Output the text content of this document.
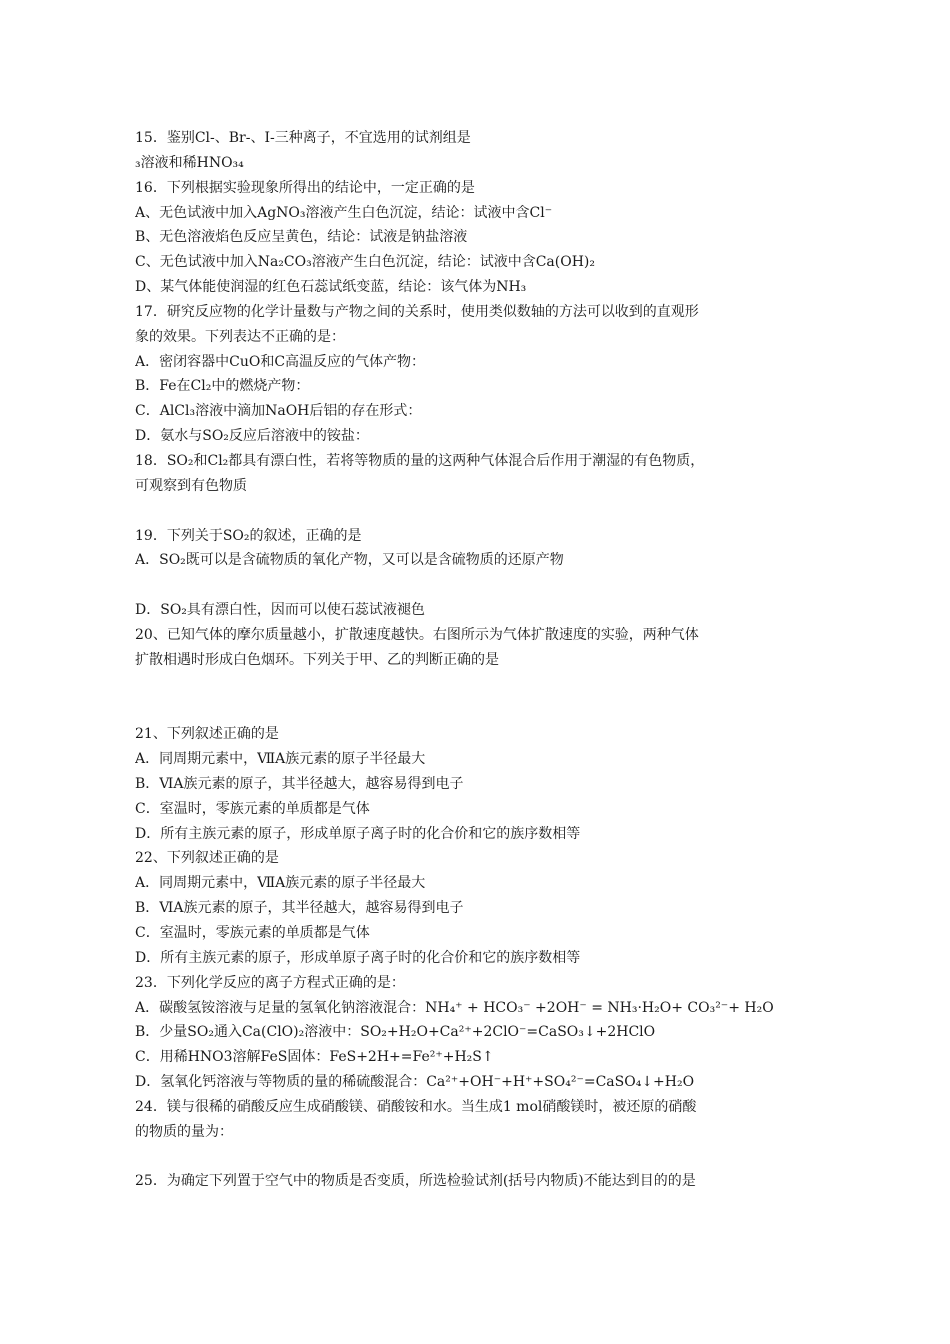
15．鉴别Cl-、Br-、I-三种离子，不宜选用的试剂组是
₃溶液和稀HNO₃₄
16．下列根据实验现象所得出的结论中，一定正确的是
A、无色试液中加入AgNO₃溶液产生白色沉淀，结论：试液中含Cl⁻
B、无色溶液焰色反应呈黄色，结论：试液是钠盐溶液
C、无色试液中加入Na₂CO₃溶液产生白色沉淀，结论：试液中含Ca(OH)₂
D、某气体能使润湿的红色石蕊试纸变蓝，结论：该气体为NH₃
17．研究反应物的化学计量数与产物之间的关系时，使用类似数轴的方法可以收到的直观形
象的效果。下列表达不正确的是：
A．密闭容器中CuO和C高温反应的气体产物：
B．Fe在Cl₂中的燃烧产物：
C．AlCl₃溶液中滴加NaOH后铝的存在形式：
D．氨水与SO₂反应后溶液中的铵盐：
18．SO₂和Cl₂都具有漂白性，若将等物质的量的这两种气体混合后作用于潮湿的有色物质，
可观察到有色物质

19．下列关于SO₂的叙述，正确的是
A．SO₂既可以是含硫物质的氧化产物，又可以是含硫物质的还原产物

D．SO₂具有漂白性，因而可以使石蕊试液褪色
20、已知气体的摩尔质量越小，扩散速度越快。右图所示为气体扩散速度的实验，两种气体
扩散相遇时形成白色烟环。下列关于甲、乙的判断正确的是

21、下列叙述正确的是
A．同周期元素中，ⅦA族元素的原子半径最大
B．ⅥA族元素的原子，其半径越大，越容易得到电子
C．室温时，零族元素的单质都是气体
D．所有主族元素的原子，形成单原子离子时的化合价和它的族序数相等
22、下列叙述正确的是
A．同周期元素中，ⅦA族元素的原子半径最大
B．ⅥA族元素的原子，其半径越大，越容易得到电子
C．室温时，零族元素的单质都是气体
D．所有主族元素的原子，形成单原子离子时的化合价和它的族序数相等
23．下列化学反应的离子方程式正确的是：
A．碳酸氢铵溶液与足量的氢氧化钠溶液混合：NH₄⁺ + HCO₃⁻ +2OH⁻ = NH₃·H₂O+ CO₃²⁻+ H₂O
B．少量SO₂通入Ca(ClO)₂溶液中：SO₂+H₂O+Ca²⁺+2ClO⁻=CaSO₃↓+2HClO
C．用稀HNO3溶解FeS固体：FeS+2H+=Fe²⁺+H₂S↑
D．氢氧化钙溶液与等物质的量的稀硫酸混合：Ca²⁺+OH⁻+H⁺+SO₄²⁻=CaSO₄↓+H₂O
24．镁与很稀的硝酸反应生成硝酸镁、硝酸铵和水。当生成1 mol硝酸镁时，被还原的硝酸
的物质的量为：

25．为确定下列置于空气中的物质是否变质，所选检验试剂(括号内物质)不能达到目的的是
